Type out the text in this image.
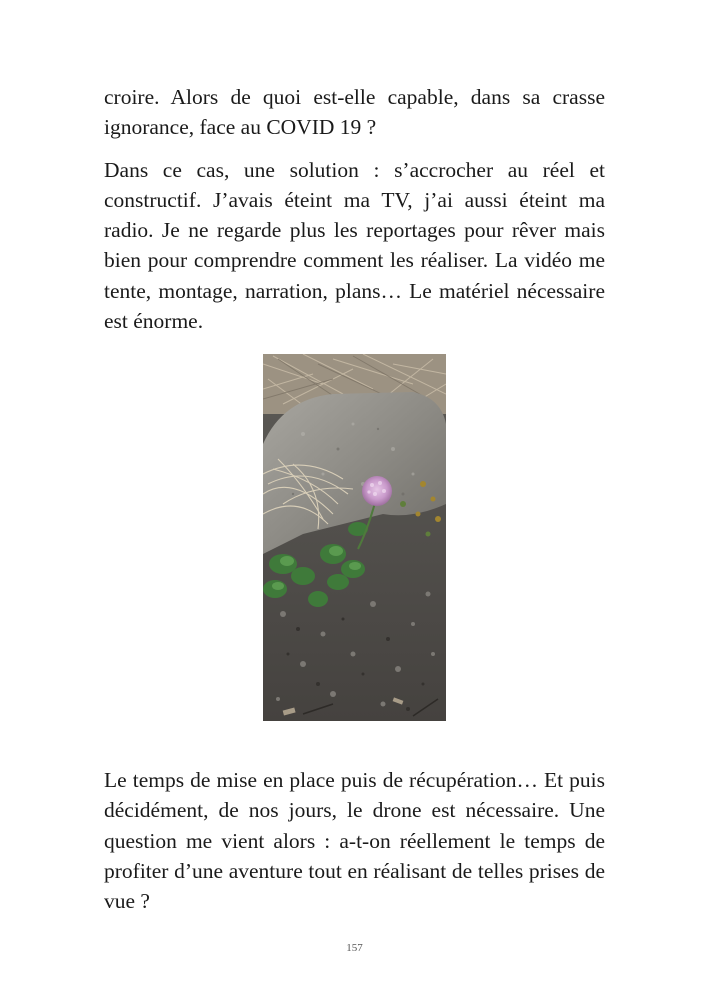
croire. Alors de quoi est-elle capable, dans sa crasse ignorance, face au COVID 19 ?

Dans ce cas, une solution : s’accrocher au réel et constructif. J’avais éteint ma TV, j’ai aussi éteint ma radio. Je ne regarde plus les reportages pour rêver mais bien pour comprendre comment les réaliser. La vidéo me tente, montage, narration, plans… Le matériel nécessaire est énorme.

Le temps de mise en place puis de récupération… Et puis décidément, de nos jours, le drone est nécessaire. Une question me vient alors : a-t-on réellement le temps de profiter d’une aventure tout en réalisant de telles prises de vue ?

157
